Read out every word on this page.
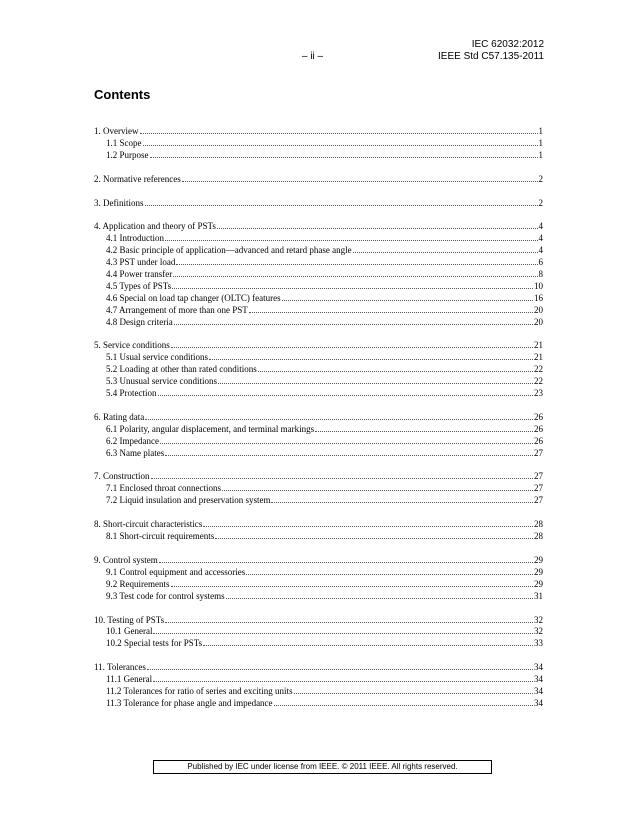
IEC 62032:2012
– ii –	IEEE Std C57.135-2011
Contents
1. Overview	1
1.1 Scope	1
1.2 Purpose	1
2. Normative references	2
3. Definitions	2
4. Application and theory of PSTs	4
4.1 Introduction	4
4.2 Basic principle of application—advanced and retard phase angle	4
4.3 PST under load	6
4.4 Power transfer	8
4.5 Types of PSTs	10
4.6 Special on load tap changer (OLTC) features	16
4.7 Arrangement of more than one PST	20
4.8 Design criteria	20
5. Service conditions	21
5.1 Usual service conditions	21
5.2 Loading at other than rated conditions	22
5.3 Unusual service conditions	22
5.4 Protection	23
6. Rating data	26
6.1 Polarity, angular displacement, and terminal markings	26
6.2 Impedance	26
6.3 Name plates	27
7. Construction	27
7.1 Enclosed throat connections	27
7.2 Liquid insulation and preservation system	27
8. Short-circuit characteristics	28
8.1 Short-circuit requirements	28
9. Control system	29
9.1 Control equipment and accessories	29
9.2 Requirements	29
9.3 Test code for control systems	31
10. Testing of PSTs	32
10.1 General	32
10.2 Special tests for PSTs	33
11. Tolerances	34
11.1 General	34
11.2 Tolerances for ratio of series and exciting units	34
11.3 Tolerance for phase angle and impedance	34
Published by IEC under license from IEEE. © 2011 IEEE. All rights reserved.
